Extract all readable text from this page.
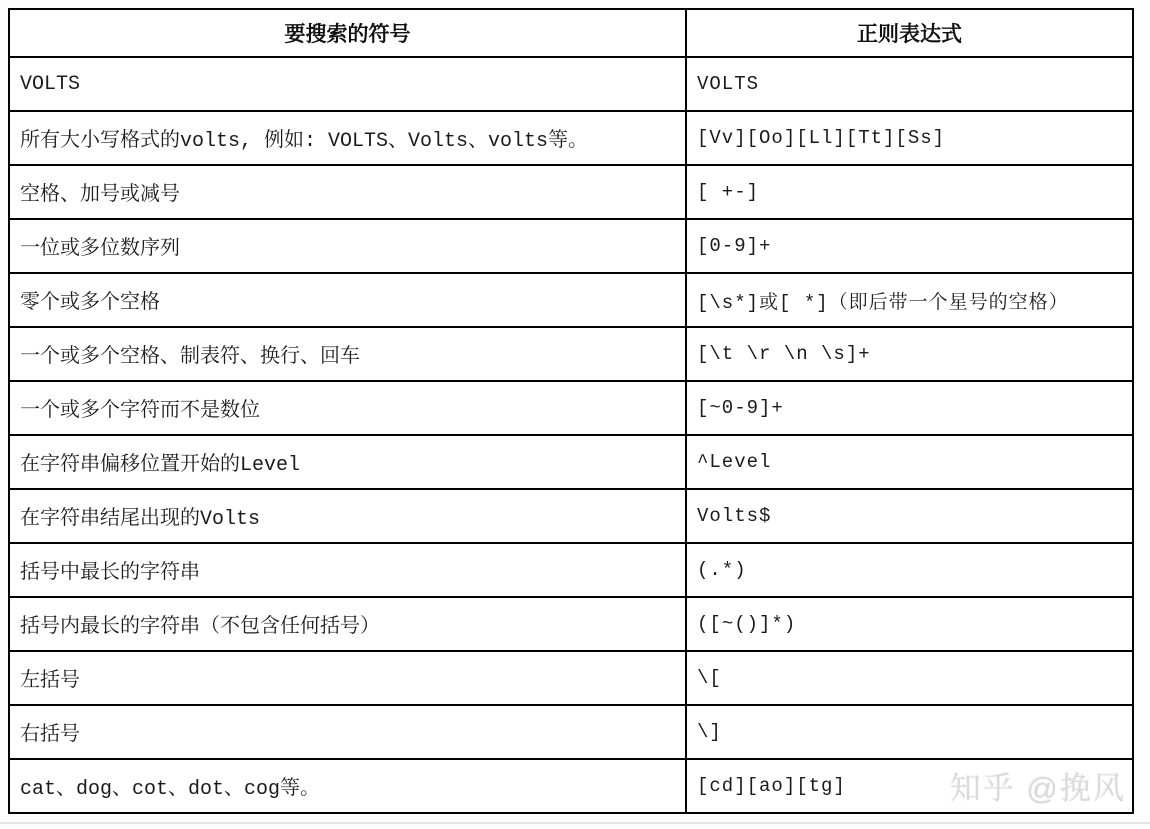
要搜索的符号	正则表达式
VOLTS	VOLTS
所有大小写格式的volts, 例如: VOLTS、Volts、volts等。	[Vv][Oo][Ll][Tt][Ss]
空格、加号或减号	[ +-]
一位或多位数序列	[0-9]+
零个或多个空格	[\s*]或[ *]（即后带一个星号的空格）
一个或多个空格、制表符、换行、回车	[\t \r \n \s]+
一个或多个字符而不是数位	[~0-9]+
在字符串偏移位置开始的Level	^Level
在字符串结尾出现的Volts	Volts$
括号中最长的字符串	(.*)
括号内最长的字符串（不包含任何括号）	([~()]*)
左括号	\[
右括号	\]
cat、dog、cot、dot、cog等。	[cd][ao][tg]	知乎 @挽风
